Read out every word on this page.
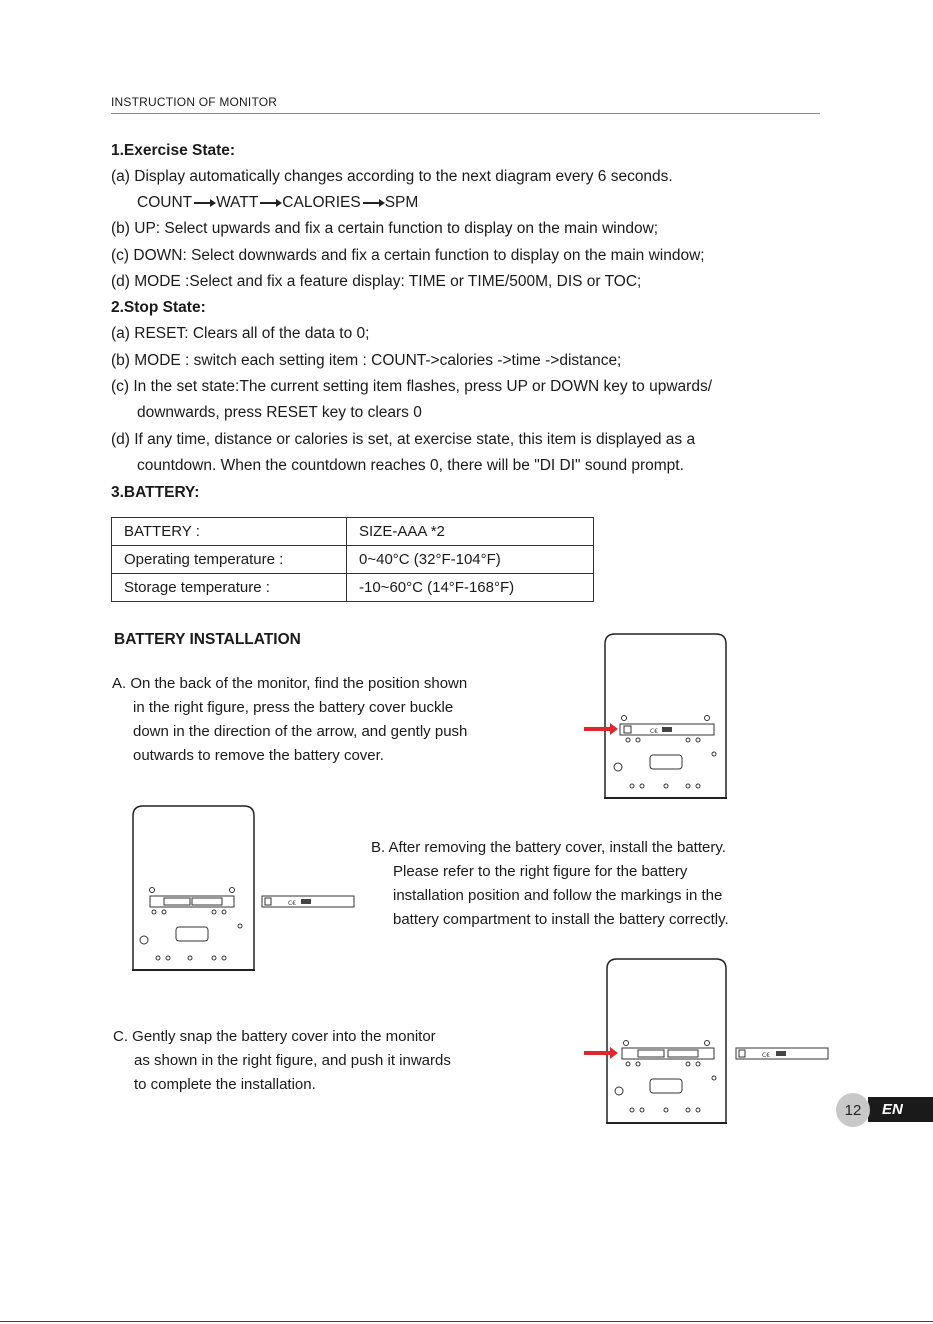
INSTRUCTION OF MONITOR
1.Exercise State:
(a) Display automatically changes according to the next diagram every 6 seconds.
COUNT WATT CALORIES SPM
(b) UP: Select upwards and fix a certain function to display on the main window;
(c) DOWN: Select downwards and fix a certain function to display on the main window;
(d) MODE :Select and fix a feature display: TIME or TIME/500M, DIS or TOC;
2.Stop State:
(a) RESET: Clears all of the data to 0;
(b) MODE : switch each setting item : COUNT->calories ->time ->distance;
(c) In the set state:The current setting item flashes, press UP or DOWN key to upwards/
downwards, press RESET key to clears 0
(d) If any time, distance or calories is set, at exercise state, this item is displayed as a
countdown. When the countdown reaches 0, there will be "DI DI" sound prompt.
3.BATTERY:
BATTERY :	SIZE-AAA *2
Operating temperature :	0~40°C (32°F-104°F)
Storage temperature :	-10~60°C (14°F-168°F)
BATTERY INSTALLATION
A. On the back of the monitor, find the position shown
in the right figure, press the battery cover buckle
down in the direction of the arrow, and gently push
outwards to remove the battery cover.
B. After removing the battery cover, install the battery.
Please refer to the right figure for the battery
installation position and follow the markings in the
battery compartment to install the battery correctly.
C. Gently snap the battery cover into the monitor
as shown in the right figure, and push it inwards
to complete the installation.
C€
C€
C€
EN
12
